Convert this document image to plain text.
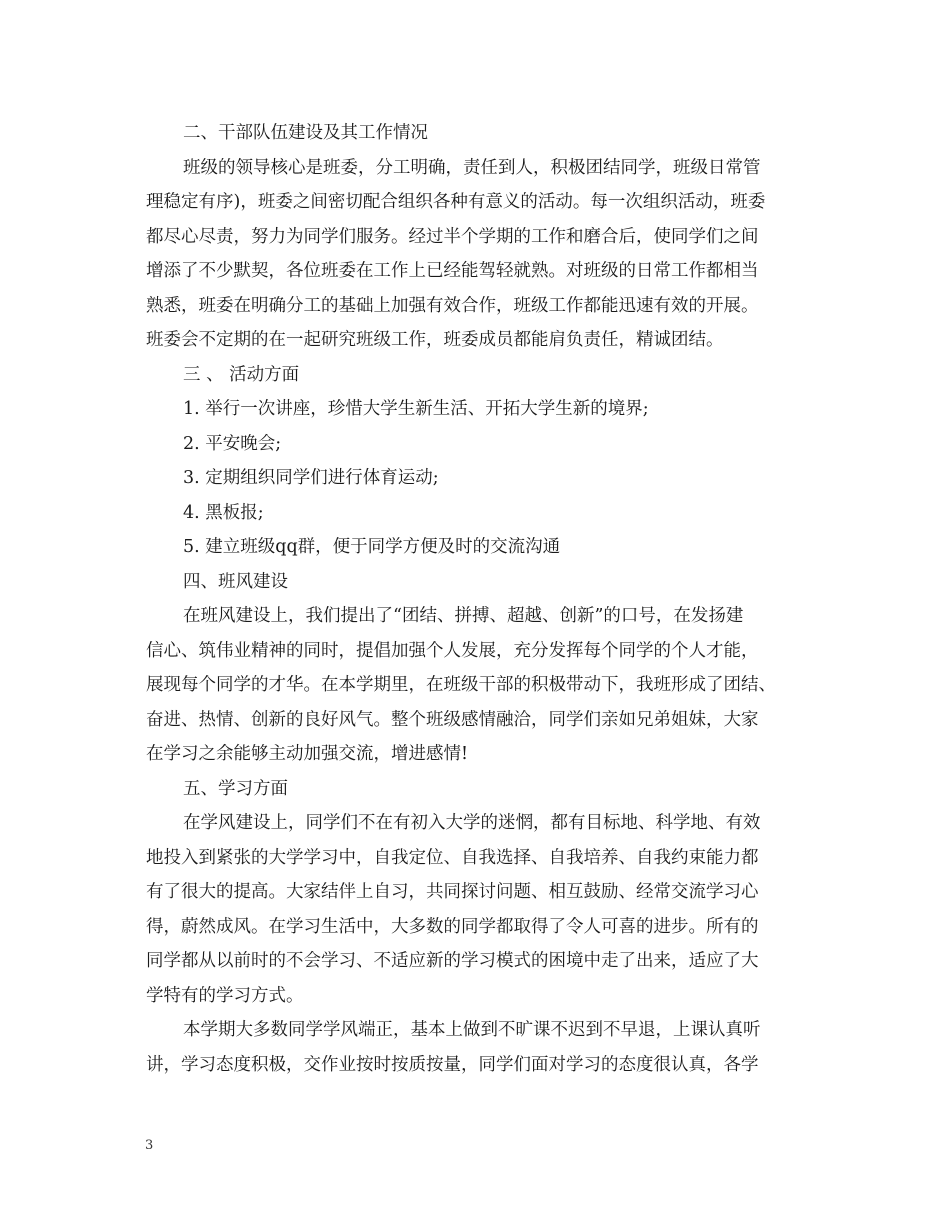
二、干部队伍建设及其工作情况
班级的领导核心是班委，分工明确，责任到人，积极团结同学，班级日常管
理稳定有序)，班委之间密切配合组织各种有意义的活动。每一次组织活动，班委
都尽心尽责，努力为同学们服务。经过半个学期的工作和磨合后，使同学们之间
增添了不少默契，各位班委在工作上已经能驾轻就熟。对班级的日常工作都相当
熟悉，班委在明确分工的基础上加强有效合作，班级工作都能迅速有效的开展。
班委会不定期的在一起研究班级工作，班委成员都能肩负责任，精诚团结。
三 、 活动方面
1. 举行一次讲座，珍惜大学生新生活、开拓大学生新的境界;
2. 平安晚会;
3. 定期组织同学们进行体育运动;
4. 黑板报;
5. 建立班级qq群，便于同学方便及时的交流沟通
四、班风建设
在班风建设上，我们提出了“团结、拼搏、超越、创新”的口号，在发扬建
信心、筑伟业精神的同时，提倡加强个人发展，充分发挥每个同学的个人才能，
展现每个同学的才华。在本学期里，在班级干部的积极带动下，我班形成了团结、
奋进、热情、创新的良好风气。整个班级感情融洽，同学们亲如兄弟姐妹，大家
在学习之余能够主动加强交流，增进感情!
五、学习方面
在学风建设上，同学们不在有初入大学的迷惘，都有目标地、科学地、有效
地投入到紧张的大学学习中，自我定位、自我选择、自我培养、自我约束能力都
有了很大的提高。大家结伴上自习，共同探讨问题、相互鼓励、经常交流学习心
得，蔚然成风。在学习生活中，大多数的同学都取得了令人可喜的进步。所有的
同学都从以前时的不会学习、不适应新的学习模式的困境中走了出来，适应了大
学特有的学习方式。
本学期大多数同学学风端正，基本上做到不旷课不迟到不早退，上课认真听
讲，学习态度积极，交作业按时按质按量，同学们面对学习的态度很认真，各学
3
